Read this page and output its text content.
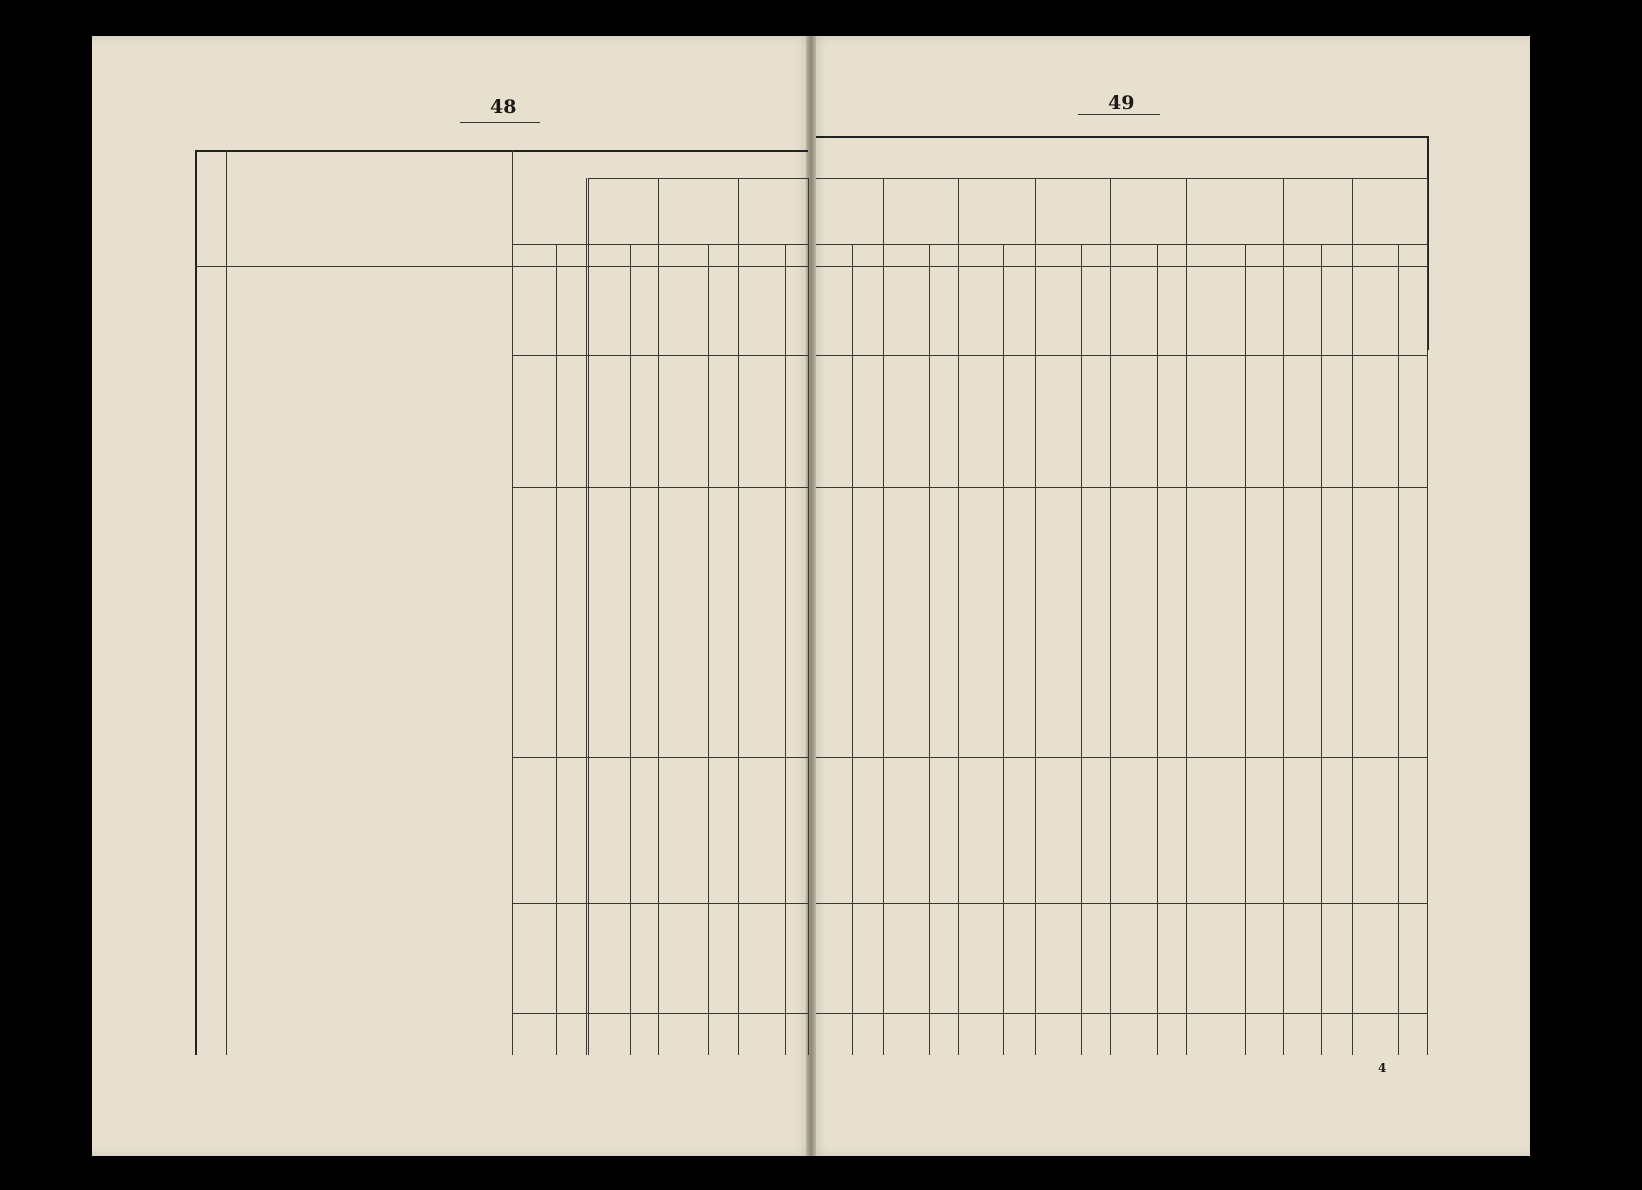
48	49
4
